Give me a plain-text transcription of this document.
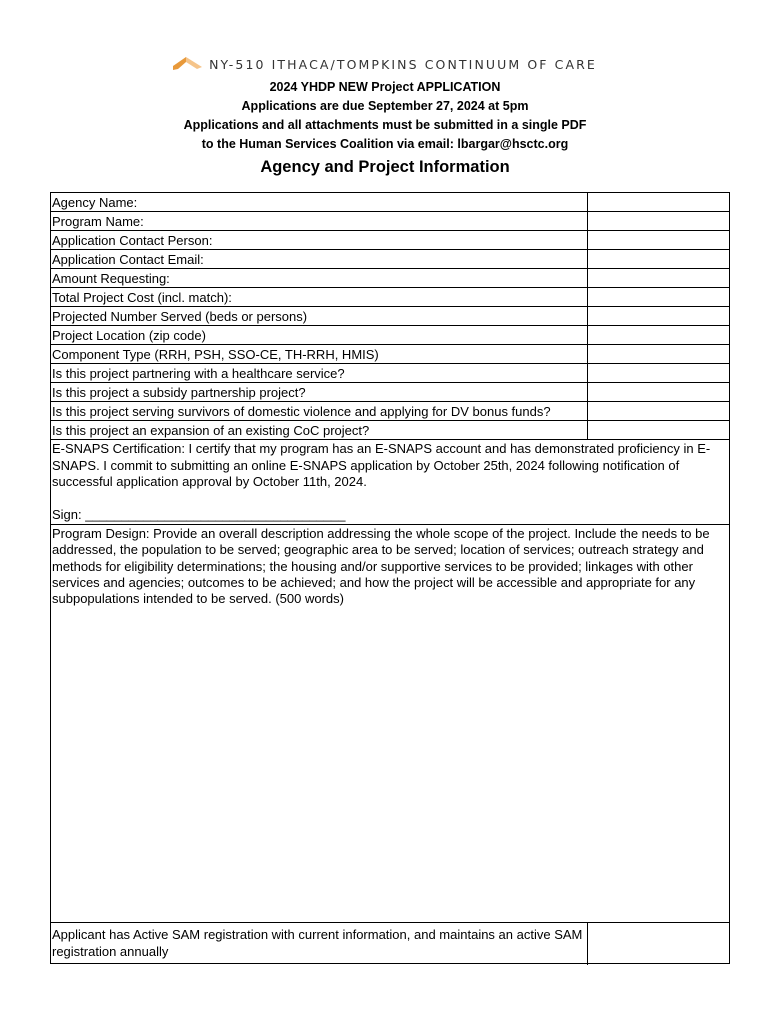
NY-510 ITHACA/TOMPKINS CONTINUUM OF CARE
2024 YHDP NEW Project APPLICATION
Applications are due September 27, 2024 at 5pm
Applications and all attachments must be submitted in a single PDF
to the Human Services Coalition via email: lbargar@hsctc.org
Agency and Project Information
Agency Name:
Program Name:
Application Contact Person:
Application Contact Email:
Amount Requesting:
Total Project Cost (incl. match):
Projected Number Served (beds or persons)
Project Location (zip code)
Component Type (RRH, PSH, SSO-CE, TH-RRH, HMIS)
Is this project partnering with a healthcare service?
Is this project a subsidy partnership project?
Is this project serving survivors of domestic violence and applying for DV bonus funds?
Is this project an expansion of an existing CoC project?
E-SNAPS Certification: I certify that my program has an E-SNAPS account and has demonstrated proficiency in E-SNAPS. I commit to submitting an online E-SNAPS application by October 25th, 2024 following notification of successful application approval by October 11th, 2024.
Sign: ____________________________________
Program Design: Provide an overall description addressing the whole scope of the project. Include the needs to be addressed, the population to be served; geographic area to be served; location of services; outreach strategy and methods for eligibility determinations; the housing and/or supportive services to be provided; linkages with other services and agencies; outcomes to be achieved; and how the project will be accessible and appropriate for any subpopulations intended to be served. (500 words)
Applicant has Active SAM registration with current information, and maintains an active SAM registration annually
